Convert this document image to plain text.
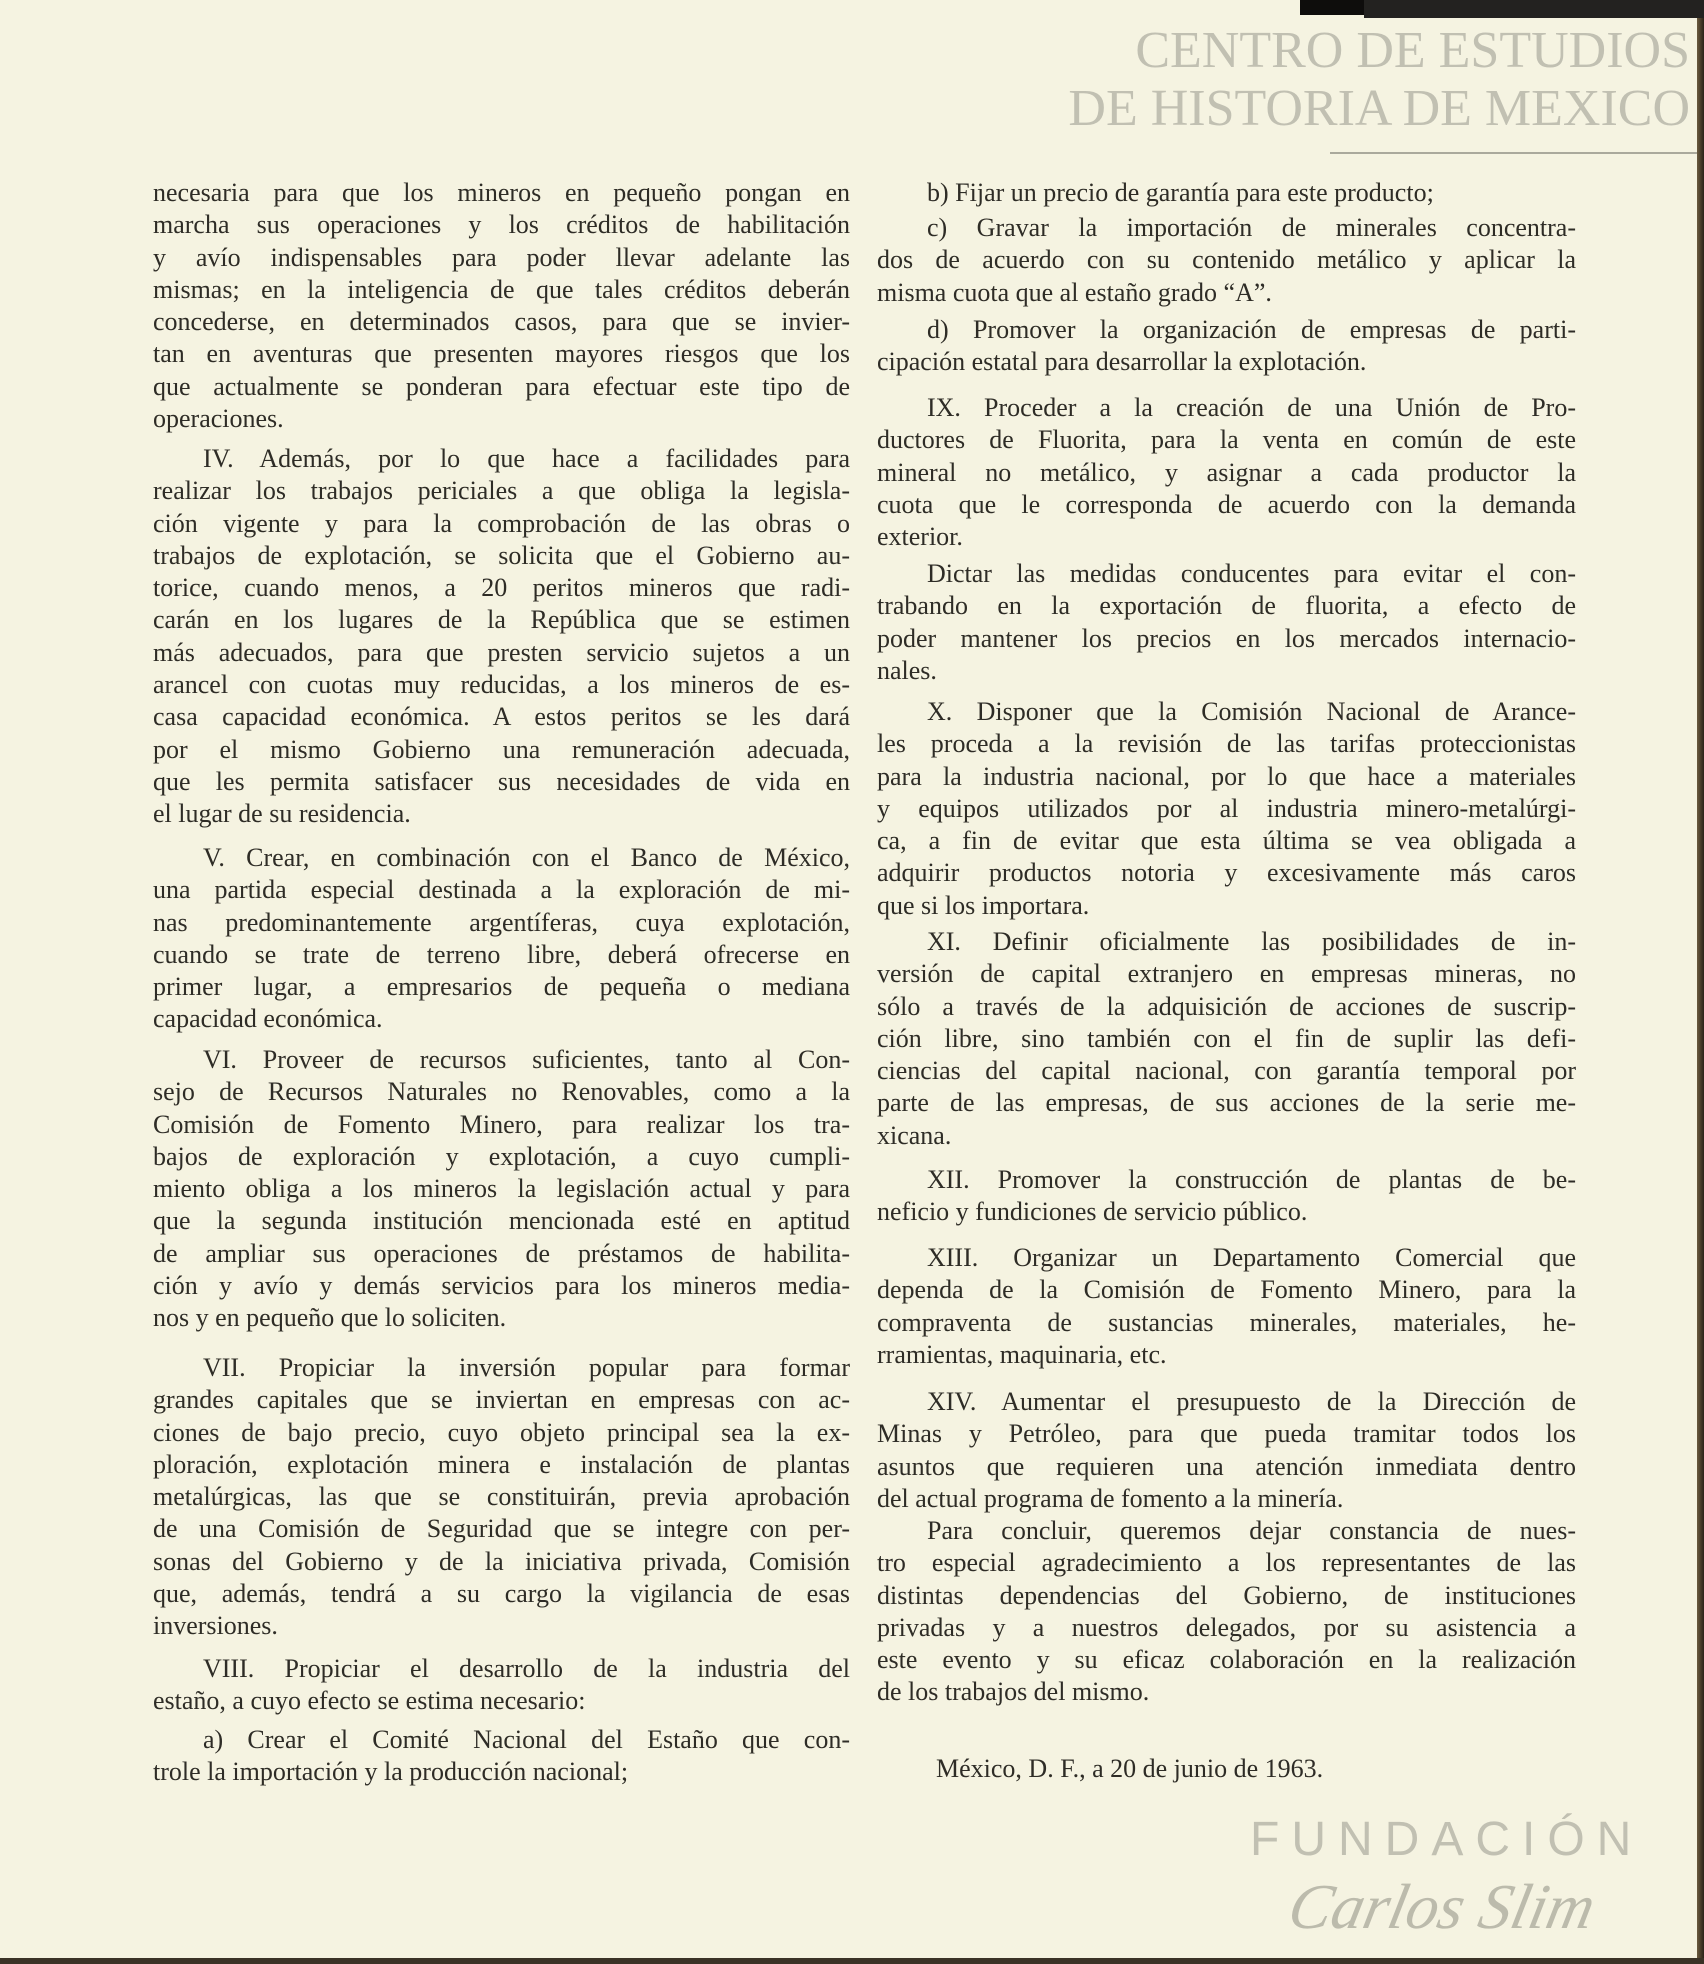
necesaria para que los mineros en pequeño pongan en
marcha sus operaciones y los créditos de habilitación
y avío indispensables para poder llevar adelante las
mismas; en la inteligencia de que tales créditos deberán
concederse, en determinados casos, para que se invier-
tan en aventuras que presenten mayores riesgos que los
que actualmente se ponderan para efectuar este tipo de
operaciones.
IV. Además, por lo que hace a facilidades para
realizar los trabajos periciales a que obliga la legisla-
ción vigente y para la comprobación de las obras o
trabajos de explotación, se solicita que el Gobierno au-
torice, cuando menos, a 20 peritos mineros que radi-
carán en los lugares de la República que se estimen
más adecuados, para que presten servicio sujetos a un
arancel con cuotas muy reducidas, a los mineros de es-
casa capacidad económica. A estos peritos se les dará
por el mismo Gobierno una remuneración adecuada,
que les permita satisfacer sus necesidades de vida en
el lugar de su residencia.
V. Crear, en combinación con el Banco de México,
una partida especial destinada a la exploración de mi-
nas predominantemente argentíferas, cuya explotación,
cuando se trate de terreno libre, deberá ofrecerse en
primer lugar, a empresarios de pequeña o mediana
capacidad económica.
VI. Proveer de recursos suficientes, tanto al Con-
sejo de Recursos Naturales no Renovables, como a la
Comisión de Fomento Minero, para realizar los tra-
bajos de exploración y explotación, a cuyo cumpli-
miento obliga a los mineros la legislación actual y para
que la segunda institución mencionada esté en aptitud
de ampliar sus operaciones de préstamos de habilita-
ción y avío y demás servicios para los mineros media-
nos y en pequeño que lo soliciten.
VII. Propiciar la inversión popular para formar
grandes capitales que se inviertan en empresas con ac-
ciones de bajo precio, cuyo objeto principal sea la ex-
ploración, explotación minera e instalación de plantas
metalúrgicas, las que se constituirán, previa aprobación
de una Comisión de Seguridad que se integre con per-
sonas del Gobierno y de la iniciativa privada, Comisión
que, además, tendrá a su cargo la vigilancia de esas
inversiones.
VIII. Propiciar el desarrollo de la industria del
estaño, a cuyo efecto se estima necesario:
a) Crear el Comité Nacional del Estaño que con-
trole la importación y la producción nacional;
b) Fijar un precio de garantía para este producto;
c) Gravar la importación de minerales concentra-
dos de acuerdo con su contenido metálico y aplicar la
misma cuota que al estaño grado “A”.
d) Promover la organización de empresas de parti-
cipación estatal para desarrollar la explotación.
IX. Proceder a la creación de una Unión de Pro-
ductores de Fluorita, para la venta en común de este
mineral no metálico, y asignar a cada productor la
cuota que le corresponda de acuerdo con la demanda
exterior.
Dictar las medidas conducentes para evitar el con-
trabando en la exportación de fluorita, a efecto de
poder mantener los precios en los mercados internacio-
nales.
X. Disponer que la Comisión Nacional de Arance-
les proceda a la revisión de las tarifas proteccionistas
para la industria nacional, por lo que hace a materiales
y equipos utilizados por al industria minero-metalúrgi-
ca, a fin de evitar que esta última se vea obligada a
adquirir productos notoria y excesivamente más caros
que si los importara.
XI. Definir oficialmente las posibilidades de in-
versión de capital extranjero en empresas mineras, no
sólo a través de la adquisición de acciones de suscrip-
ción libre, sino también con el fin de suplir las defi-
ciencias del capital nacional, con garantía temporal por
parte de las empresas, de sus acciones de la serie me-
xicana.
XII. Promover la construcción de plantas de be-
neficio y fundiciones de servicio público.
XIII. Organizar un Departamento Comercial que
dependa de la Comisión de Fomento Minero, para la
compraventa de sustancias minerales, materiales, he-
rramientas, maquinaria, etc.
XIV. Aumentar el presupuesto de la Dirección de
Minas y Petróleo, para que pueda tramitar todos los
asuntos que requieren una atención inmediata dentro
del actual programa de fomento a la minería.
Para concluir, queremos dejar constancia de nues-
tro especial agradecimiento a los representantes de las
distintas dependencias del Gobierno, de instituciones
privadas y a nuestros delegados, por su asistencia a
este evento y su eficaz colaboración en la realización
de los trabajos del mismo.
México, D. F., a 20 de junio de 1963.
CENTRO DE ESTUDIOS
DE HISTORIA DE MEXICO
FUNDACIÓN
Carlos Slim
